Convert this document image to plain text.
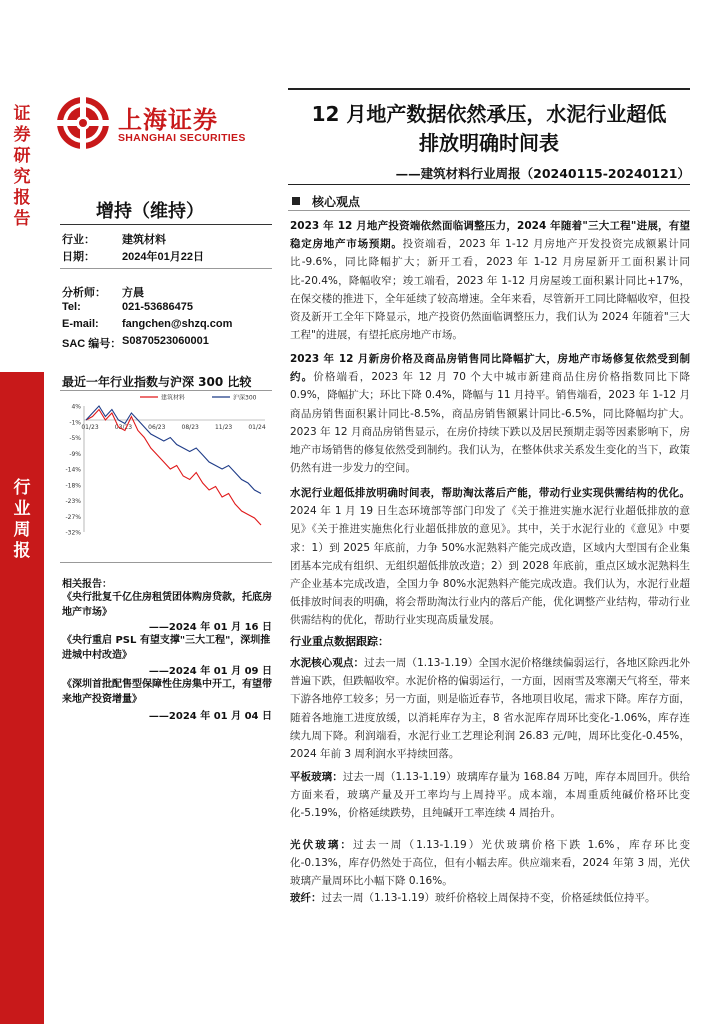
证券研究报告
行业周报
上海证券
SHANGHAI SECURITIES
增持（维持）
行业： 建筑材料
日期： 2024年01月22日
分析师： 方晨
Tel:	021-53686475
E-mail: fangchen@shzq.com
SAC 编号： S0870523060001
最近一年行业指数与沪深 300 比较
4%
-1%
-5%
-9%
-14%
-18%
-23%
-27%
-32%
01/23	03/23	06/23	08/23	11/23	01/24
建筑材料	沪深300
相关报告：
《央行批复千亿住房租赁团体购房贷款，托底房地产市场》
——2024 年 01 月 16 日
《央行重启 PSL 有望支撑"三大工程"，深圳推进城中村改造》
——2024 年 01 月 09 日
《深圳首批配售型保障性住房集中开工，有望带来地产投资增量》
——2024 年 01 月 04 日
12 月地产数据依然承压，水泥行业超低
排放明确时间表
——建筑材料行业周报（20240115-20240121）
核心观点
2023 年 12 月地产投资端依然面临调整压力，2024 年随着"三大工程"进展，有望稳定房地产市场预期。投资端看，2023 年 1-12 月房地产开发投资完成额累计同比-9.6%，同比降幅扩大；新开工看，2023 年 1-12 月房屋新开工面积累计同比-20.4%，降幅收窄；竣工端看，2023 年 1-12 月房屋竣工面积累计同比+17%，在保交楼的推进下，全年延续了较高增速。全年来看，尽管新开工同比降幅收窄，但投资及新开工全年下降显示，地产投资仍然面临调整压力，我们认为 2024 年随着"三大工程"的进展，有望托底房地产市场。
2023 年 12 月新房价格及商品房销售同比降幅扩大，房地产市场修复依然受到制约。价格端看，2023 年 12 月 70 个大中城市新建商品住房价格指数同比下降 0.9%，降幅扩大；环比下降 0.4%，降幅与 11 月持平。销售端看，2023 年 1-12 月商品房销售面积累计同比-8.5%，商品房销售额累计同比-6.5%，同比降幅均扩大。2023 年 12 月商品房销售显示，在房价持续下跌以及居民预期走弱等因素影响下，房地产市场销售的修复依然受到制约。我们认为，在整体供求关系发生变化的当下，政策仍然有进一步发力的空间。
水泥行业超低排放明确时间表，帮助淘汰落后产能，带动行业实现供需结构的优化。2024 年 1 月 19 日生态环境部等部门印发了《关于推进实施水泥行业超低排放的意见》《关于推进实施焦化行业超低排放的意见》。其中，关于水泥行业的《意见》中要求：1）到 2025 年底前，力争 50%水泥熟料产能完成改造，区域内大型国有企业集团基本完成有组织、无组织超低排放改造；2）到 2028 年底前，重点区域水泥熟料生产企业基本完成改造，全国力争 80%水泥熟料产能完成改造。我们认为，水泥行业超低排放时间表的明确，将会帮助淘汰行业内的落后产能，优化调整产业结构，带动行业供需结构的优化，帮助行业实现高质量发展。
行业重点数据跟踪：
水泥核心观点：过去一周（1.13-1.19）全国水泥价格继续偏弱运行，各地区除西北外普遍下跌，但跌幅收窄。水泥价格的偏弱运行，一方面，因雨雪及寒潮天气将至，带来下游各地停工较多；另一方面，则是临近春节，各地项目收尾，需求下降。库存方面，随着各地施工进度放缓，以消耗库存为主，8 省水泥库存周环比变化-1.06%，库存连续九周下降。利润端看，水泥行业工艺理论利润 26.83 元/吨，周环比变化-0.45%，2024 年前 3 周利润水平持续回落。
平板玻璃：过去一周（1.13-1.19）玻璃库存量为 168.84 万吨，库存本周回升。供给方面来看，玻璃产量及开工率均与上周持平。成本端，本周重质纯碱价格环比变化-5.19%，价格延续跌势，且纯碱开工率连续 4 周抬升。
光伏玻璃：过去一周（1.13-1.19）光伏玻璃价格下跌 1.6%，库存环比变化-0.13%，库存仍然处于高位，但有小幅去库。供应端来看，2024 年第 3 周，光伏玻璃产量周环比小幅下降 0.16%。
玻纤：过去一周（1.13-1.19）玻纤价格较上周保持不变，价格延续低位持平。
